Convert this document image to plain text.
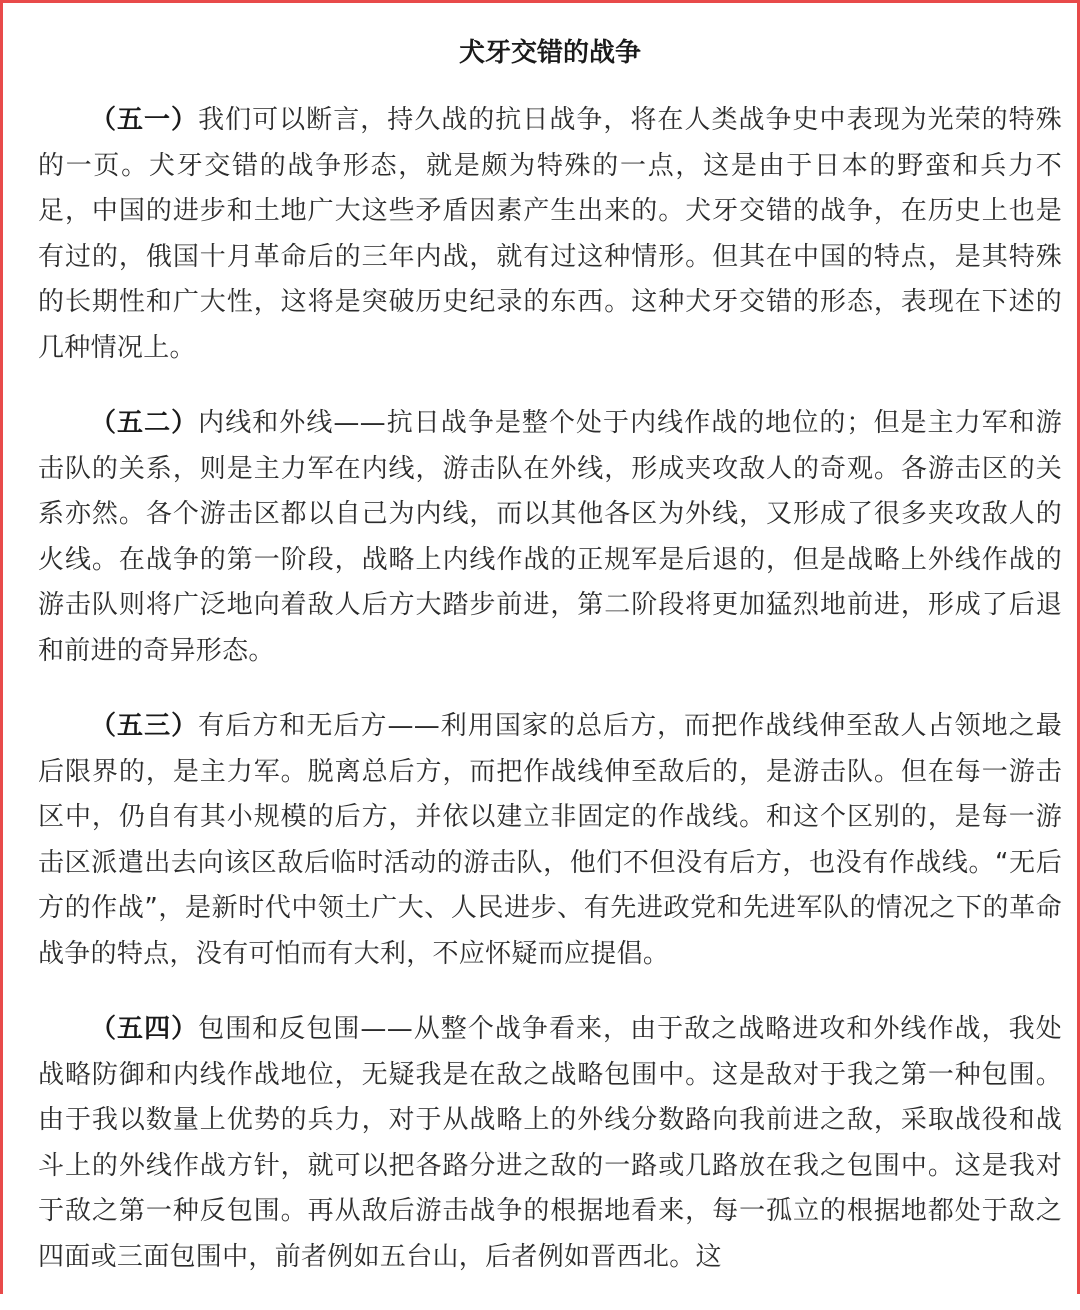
犬牙交错的战争

（五一）我们可以断言，持久战的抗日战争，将在人类战争史中表现为光荣的特殊的一页。犬牙交错的战争形态，就是颇为特殊的一点，这是由于日本的野蛮和兵力不足，中国的进步和土地广大这些矛盾因素产生出来的。犬牙交错的战争，在历史上也是有过的，俄国十月革命后的三年内战，就有过这种情形。但其在中国的特点，是其特殊的长期性和广大性，这将是突破历史纪录的东西。这种犬牙交错的形态，表现在下述的几种情况上。

（五二）内线和外线——抗日战争是整个处于内线作战的地位的；但是主力军和游击队的关系，则是主力军在内线，游击队在外线，形成夹攻敌人的奇观。各游击区的关系亦然。各个游击区都以自己为内线，而以其他各区为外线，又形成了很多夹攻敌人的火线。在战争的第一阶段，战略上内线作战的正规军是后退的，但是战略上外线作战的游击队则将广泛地向着敌人后方大踏步前进，第二阶段将更加猛烈地前进，形成了后退和前进的奇异形态。

（五三）有后方和无后方——利用国家的总后方，而把作战线伸至敌人占领地之最后限界的，是主力军。脱离总后方，而把作战线伸至敌后的，是游击队。但在每一游击区中，仍自有其小规模的后方，并依以建立非固定的作战线。和这个区别的，是每一游击区派遣出去向该区敌后临时活动的游击队，他们不但没有后方，也没有作战线。“无后方的作战”，是新时代中领土广大、人民进步、有先进政党和先进军队的情况之下的革命战争的特点，没有可怕而有大利，不应怀疑而应提倡。

（五四）包围和反包围——从整个战争看来，由于敌之战略进攻和外线作战，我处战略防御和内线作战地位，无疑我是在敌之战略包围中。这是敌对于我之第一种包围。由于我以数量上优势的兵力，对于从战略上的外线分数路向我前进之敌，采取战役和战斗上的外线作战方针，就可以把各路分进之敌的一路或几路放在我之包围中。这是我对于敌之第一种反包围。再从敌后游击战争的根据地看来，每一孤立的根据地都处于敌之四面或三面包围中，前者例如五台山，后者例如晋西北。这
